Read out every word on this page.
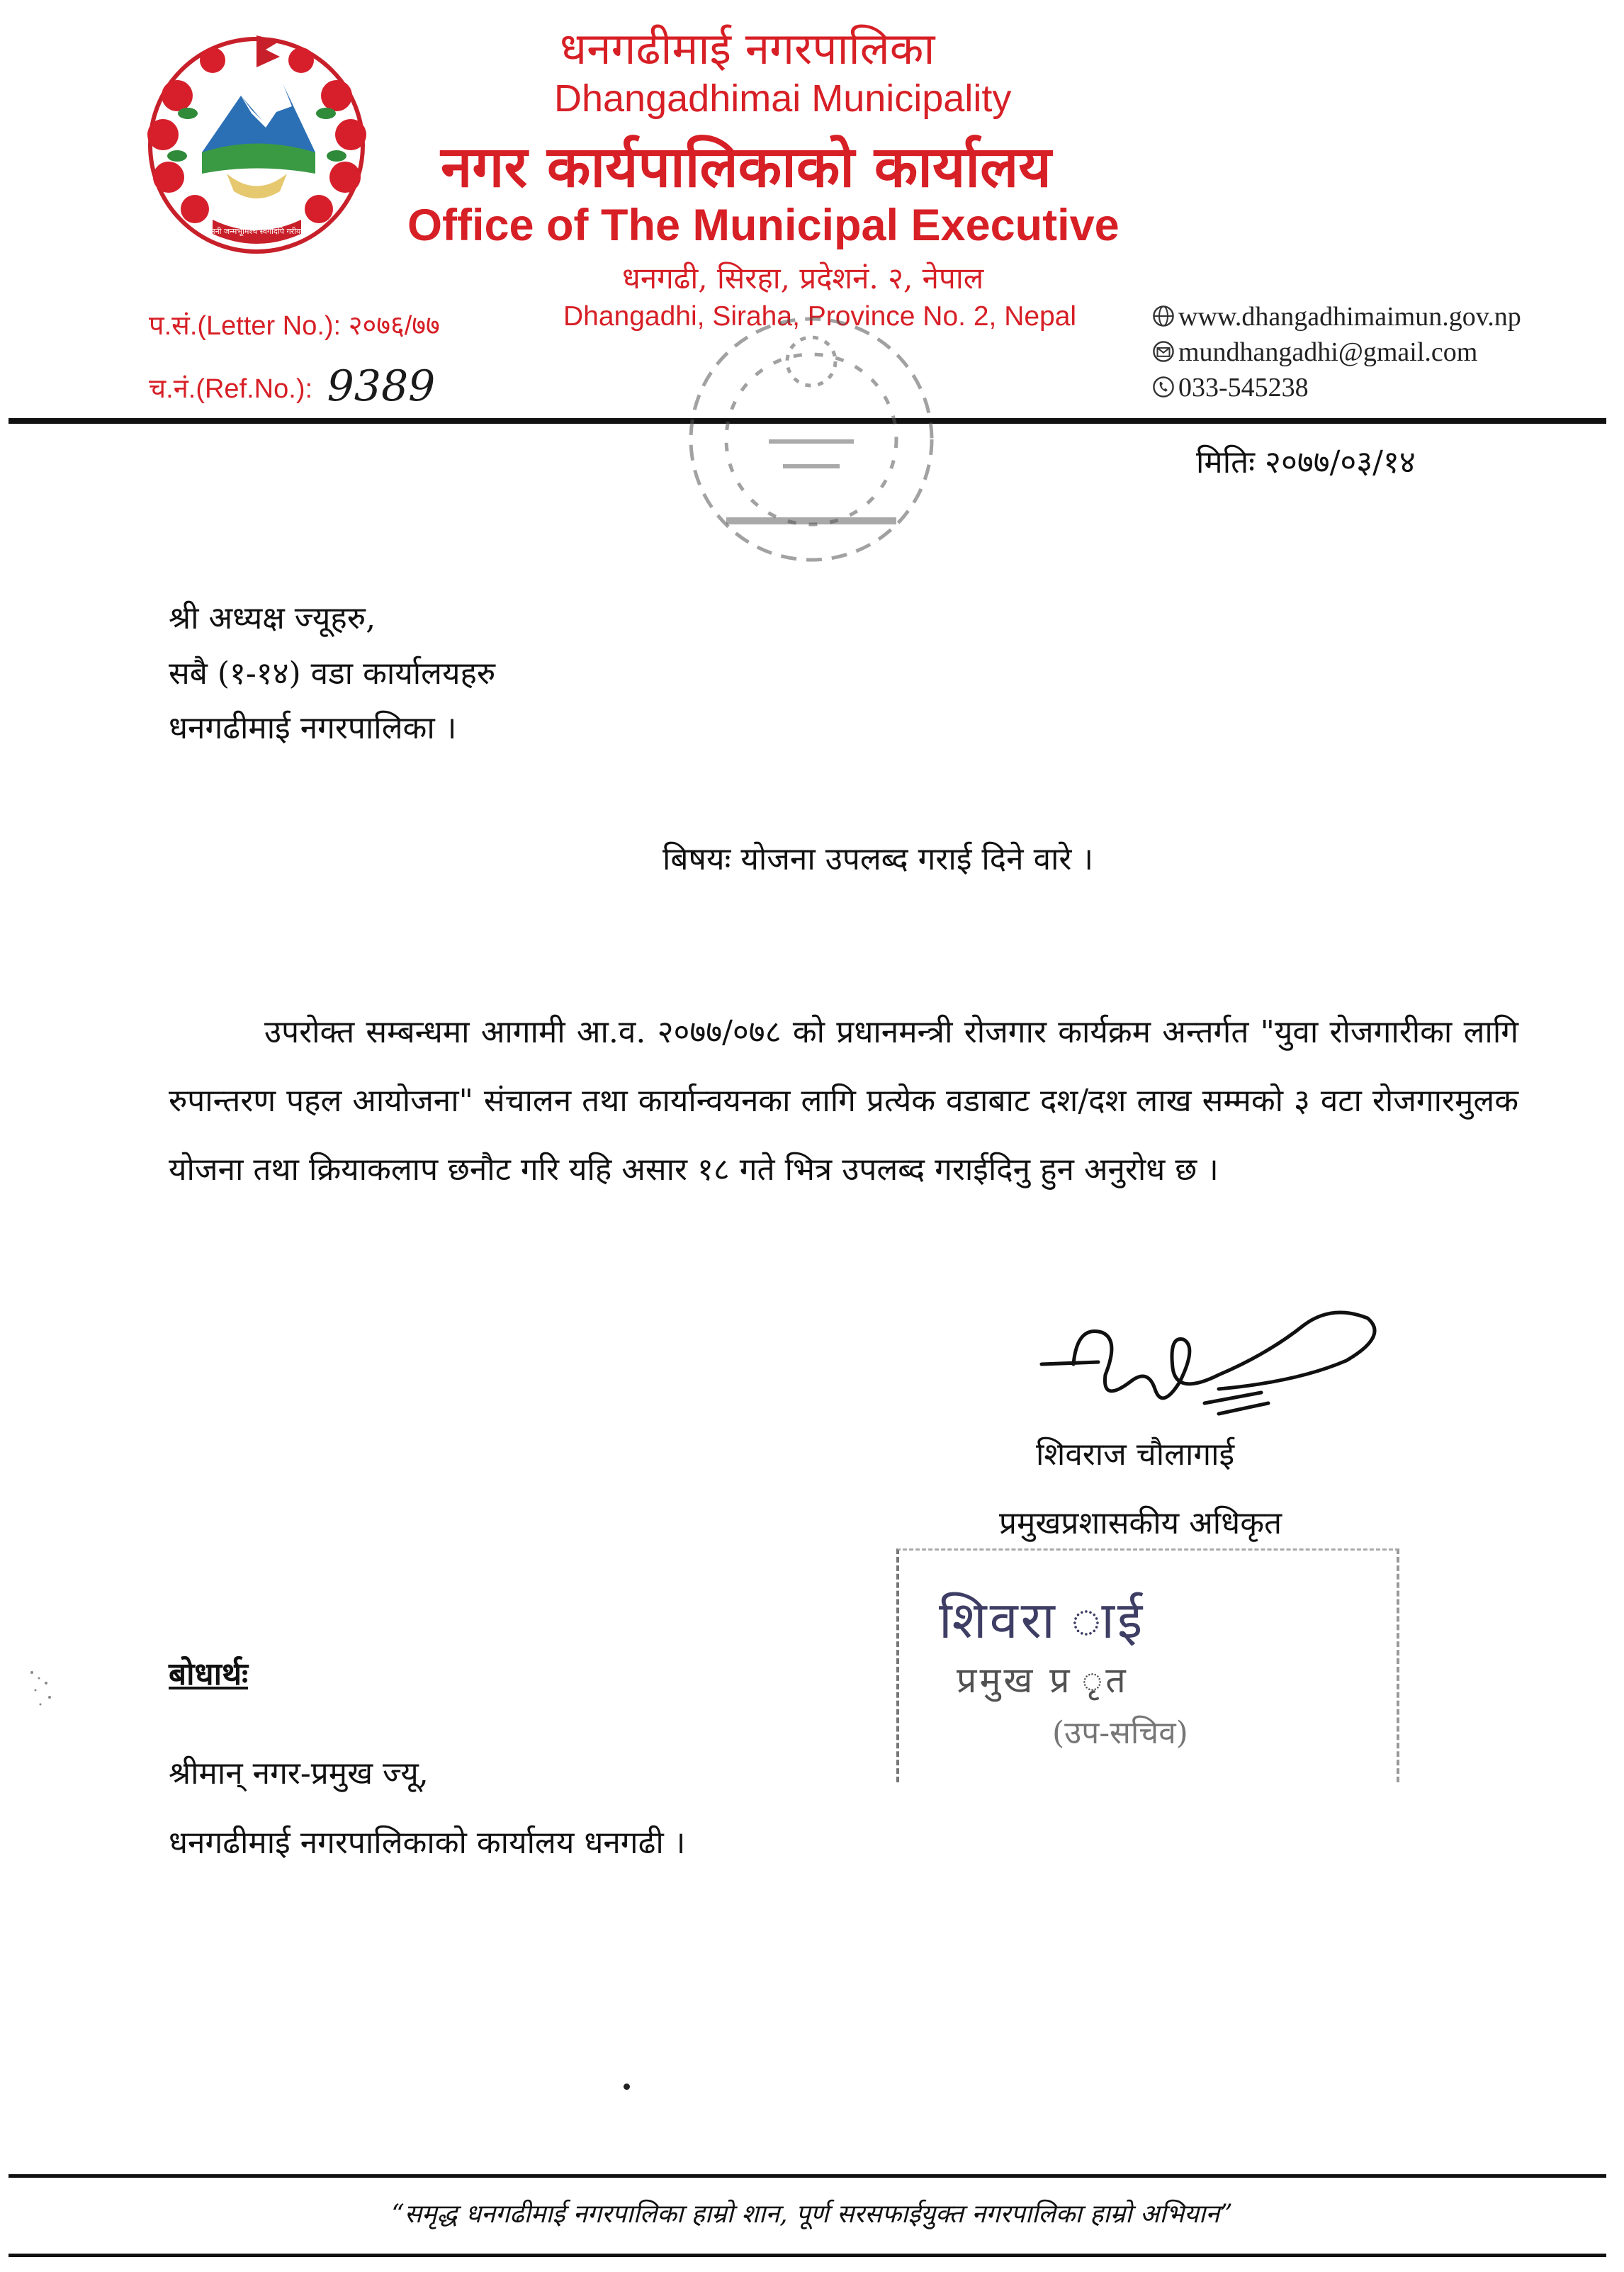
जननी जन्मभूमिश्च स्वर्गादपि गरीयसी
धनगढीमाई नगरपालिका
Dhangadhimai Municipality
नगर कार्यपालिकाको कार्यालय
Office of The Municipal Executive
धनगढी, सिरहा, प्रदेशनं. २, नेपाल
Dhangadhi, Siraha, Province No. 2, Nepal
प.सं.(Letter No.): २०७६/७७
च.नं.(Ref.No.): 9389
www.dhangadhimaimun.gov.np
mundhangadhi@gmail.com
033-545238
मितिः २०७७/०३/१४
श्री अध्यक्ष ज्यूहरु,
सबै (१-१४) वडा कार्यालयहरु
धनगढीमाई नगरपालिका ।
बिषयः योजना उपलब्द गराई दिने वारे ।
उपरोक्त सम्बन्धमा आगामी आ.व. २०७७/०७८ को प्रधानमन्त्री रोजगार कार्यक्रम अन्तर्गत "युवा रोजगारीका लागि रुपान्तरण पहल आयोजना" संचालन तथा कार्यान्वयनका लागि प्रत्येक वडाबाट दश/दश लाख सम्मको ३ वटा रोजगारमुलक योजना तथा क्रियाकलाप छनौट गरि यहि असार १८ गते भित्र उपलब्द गराईदिनु हुन अनुरोध छ ।
शिवराज चौलागाई
प्रमुखप्रशासकीय अधिकृत
शिवरा ाई
प्रमुख प्र ृत
(उप-सचिव)
बोधार्थः
श्रीमान् नगर-प्रमुख ज्यू,
धनगढीमाई नगरपालिकाको कार्यालय धनगढी ।
“समृद्ध धनगढीमाई नगरपालिका हाम्रो शान, पूर्ण सरसफाईयुक्त नगरपालिका हाम्रो अभियान”
